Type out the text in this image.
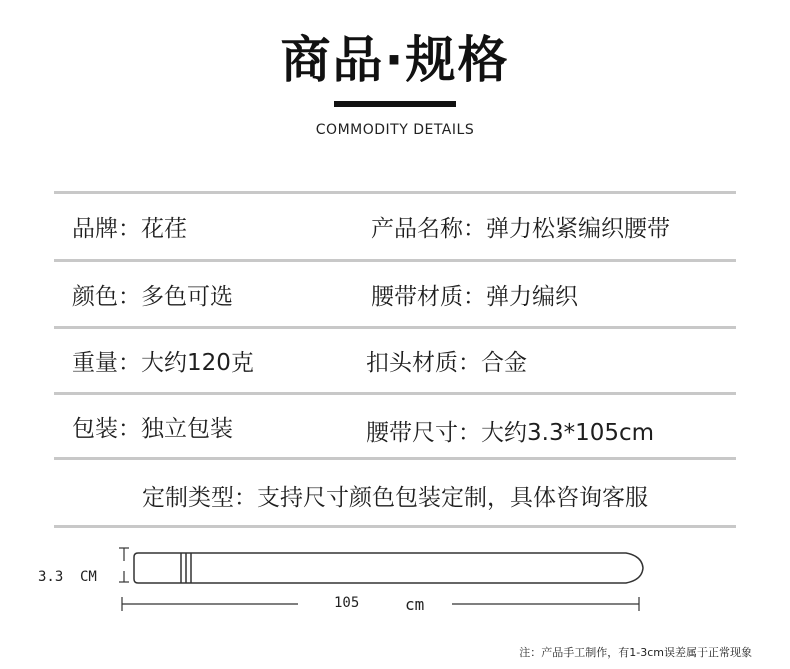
商品·规格
COMMODITY DETAILS
品牌：花荏	产品名称：弹力松紧编织腰带
颜色：多色可选	腰带材质：弹力编织
重量：大约120克	扣头材质：合金
包装：独立包装	腰带尺寸：大约3.3*105cm
定制类型：支持尺寸颜色包装定制，具体咨询客服
3.3 CM
105	cm
注：产品手工制作，有1-3cm误差属于正常现象
